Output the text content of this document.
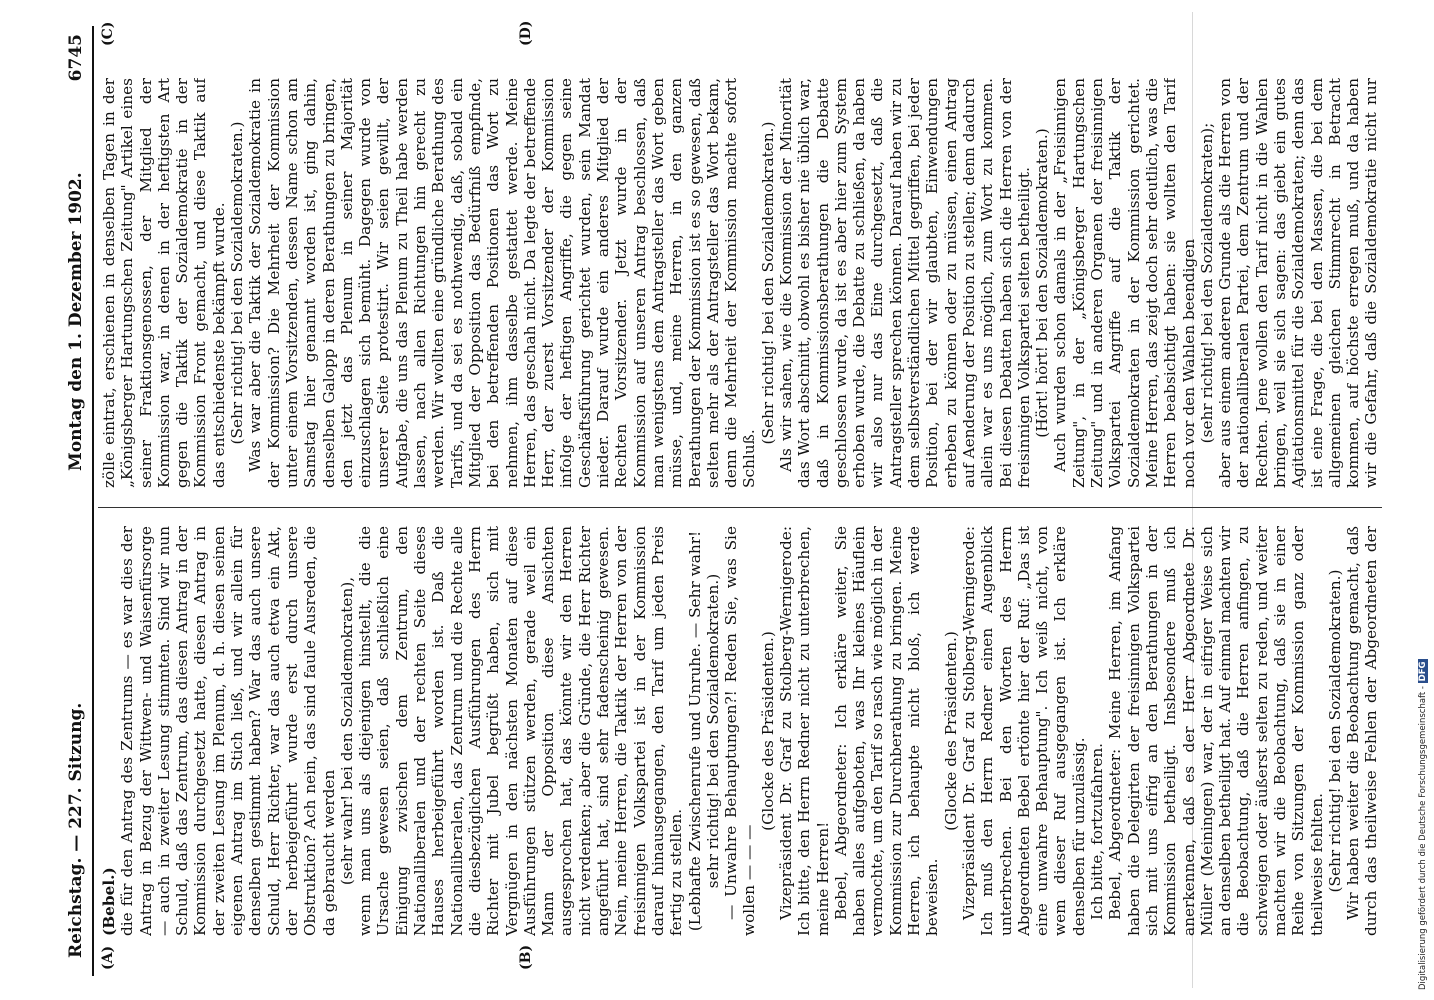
Reichstag. — 227. Sitzung.
Montag den 1. Dezember 1902.
6745
(A)	(B)
(C)	(D)

(Bebel.) die für den Antrag des Zentrums — es war dies der Antrag in Bezug der Wittwen- und Waisenfürsorge — auch in zweiter Lesung stimmten. Sind wir nun Schuld, daß das Zentrum, das diesen Antrag in der Kommission durchgesetzt hatte, diesen Antrag in der zweiten Lesung im Plenum, d. h. diesen seinen eigenen Antrag im Stich ließ, und wir allein für denselben gestimmt haben? War das auch unsere Schuld, Herr Richter, war das auch etwa ein Akt, der herbeigeführt wurde erst durch unsere Obstruktion? Ach nein, das sind faule Ausreden, die da gebraucht werden (sehr wahr! bei den Sozialdemokraten), wenn man uns als diejenigen hinstellt, die die Ursache gewesen seien, daß schließlich eine Einigung zwischen dem Zentrum, den Nationalliberalen und der rechten Seite dieses Hauses herbeigeführt worden ist. Daß die Nationalliberalen, das Zentrum und die Rechte alle die diesbezüglichen Ausführungen des Herrn Richter mit Jubel begrüßt haben, sich mit Vergnügen in den nächsten Monaten auf diese Ausführungen stützen werden, gerade weil ein Mann der Opposition diese Ansichten ausgesprochen hat, das könnte wir den Herren nicht verdenken; aber die Gründe, die Herr Richter angeführt hat, sind sehr fadenscheinig gewesen. Nein, meine Herren, die Taktik der Herren von der freisinnigen Volkspartei ist in der Kommission darauf hinausgegangen, den Tarif um jeden Preis fertig zu stellen. (Lebhafte Zwischenrufe und Unruhe. — Sehr wahr! sehr richtig! bei den Sozialdemokraten.) — Unwahre Behauptungen?! Reden Sie, was Sie wollen — — —

(Glocke des Präsidenten.) Vizepräsident Dr. Graf zu Stolberg-Wernigerode: Ich bitte, den Herrn Redner nicht zu unterbrechen, meine Herren! Bebel, Abgeordneter: Ich erkläre weiter, Sie haben alles aufgeboten, was Ihr kleines Häuflein vermochte, um den Tarif so rasch wie möglich in der Kommission zur Durchberathung zu bringen. Meine Herren, ich behaupte nicht bloß, ich werde beweisen.

(Glocke des Präsidenten.) Vizepräsident Dr. Graf zu Stolberg-Wernigerode: Ich muß den Herrn Redner einen Augenblick unterbrechen. Bei den Worten des Herrn Abgeordneten Bebel ertönte hier der Ruf: „Das ist eine unwahre Behauptung". Ich weiß nicht, von wem dieser Ruf ausgegangen ist. Ich erkläre denselben für unzulässig. Ich bitte, fortzufahren. Bebel, Abgeordneter: Meine Herren, im Anfang haben die Delegirten der freisinnigen Volkspartei sich mit uns eifrig an den Berathungen in der Kommission betheiligt. Insbesondere muß ich anerkennen, daß es der Herr Abgeordnete Dr. Müller (Meiningen) war, der in eifriger Weise sich an denselben betheiligt hat. Auf einmal machten wir die Beobachtung, daß die Herren anfingen, zu schweigen oder äußerst selten zu reden, und weiter machten wir die Beobachtung, daß sie in einer Reihe von Sitzungen der Kommission ganz oder theilweise fehlten. (Sehr richtig! bei den Sozialdemokraten.)

Wir haben weiter die Beobachtung gemacht, daß durch das theilweise Fehlen der Abgeordneten der

zölle eintrat, erschienen in denselben Tagen in der „Königsberger Hartungschen Zeitung" Artikel eines seiner Fraktionsgenossen, der Mitglied der Kommission war, in denen in der heftigsten Art gegen die Taktik der Sozialdemokratie in der Kommission Front gemacht, und diese Taktik auf das entschiedenste bekämpft wurde. (Sehr richtig! bei den Sozialdemokraten.) Was war aber die Taktik der Sozialdemokratie in der Kommission? Die Mehrheit der Kommission unter einem Vorsitzenden, dessen Name schon am Samstag hier genannt worden ist, ging dahin, denselben Galopp in deren Berathungen zu bringen, den jetzt das Plenum in seiner Majorität einzuschlagen sich bemüht. Dagegen wurde von unserer Seite protestirt. Wir seien gewillt, der Aufgabe, die uns das Plenum zu Theil habe werden lassen, nach allen Richtungen hin gerecht zu werden. Wir wollten eine gründliche Berathung des Tarifs, und da sei es nothwendig, daß, sobald ein Mitglied der Opposition das Bedürfniß empfinde, bei den betreffenden Positionen das Wort zu nehmen, ihm dasselbe gestattet werde. Meine Herren, das geschah nicht. Da legte der betreffende Herr, der zuerst Vorsitzender der Kommission infolge der heftigen Angriffe, die gegen seine Geschäftsführung gerichtet wurden, sein Mandat nieder. Darauf wurde ein anderes Mitglied der Rechten Vorsitzender. Jetzt wurde in der Kommission auf unseren Antrag beschlossen, daß man wenigstens dem Antragsteller das Wort geben müsse, und, meine Herren, in den ganzen Berathungen der Kommission ist es so gewesen, daß selten mehr als der Antragsteller das Wort bekam, denn die Mehrheit der Kommission machte sofort Schluß.

(Sehr richtig! bei den Sozialdemokraten.) Als wir sahen, wie die Kommission der Minorität das Wort abschnitt, obwohl es bisher nie üblich war, daß in Kommissionsberathungen die Debatte geschlossen wurde, da ist es aber hier zum System erhoben wurde, die Debatte zu schließen, da haben wir also nur das Eine durchgesetzt, daß die Antragsteller sprechen können. Darauf haben wir zu dem selbstverständlichen Mittel gegriffen, bei jeder Position, bei der wir glaubten, Einwendungen erheben zu können oder zu müssen, einen Antrag auf Aenderung der Position zu stellen; denn dadurch allein war es uns möglich, zum Wort zu kommen. Bei diesen Debatten haben sich die Herren von der freisinnigen Volkspartei selten betheiligt. (Hört! hört! bei den Sozialdemokraten.) Auch wurden schon damals in der „Freisinnigen Zeitung", in der „Königsberger Hartungschen Zeitung" und in anderen Organen der freisinnigen Volkspartei Angriffe auf die Taktik der Sozialdemokraten in der Kommission gerichtet. Meine Herren, das zeigt doch sehr deutlich, was die Herren beabsichtigt haben: sie wollten den Tarif noch vor den Wahlen beendigen (sehr richtig! bei den Sozialdemokraten);

aber aus einem anderen Grunde als die Herren von der nationalliberalen Partei, dem Zentrum und der Rechten. Jene wollen den Tarif nicht in die Wahlen bringen, weil sie sich sagen: das giebt ein gutes Agitationsmittel für die Sozialdemokraten; denn das ist eine Frage, die bei den Massen, die bei dem allgemeinen gleichen Stimmrecht in Betracht kommen, auf höchste erregen muß, und da haben wir die Gefahr, daß die Sozialdemokratie nicht nur

Digitalisierung gefördert durch die Deutsche Forschungsgemeinschaft - DFG
